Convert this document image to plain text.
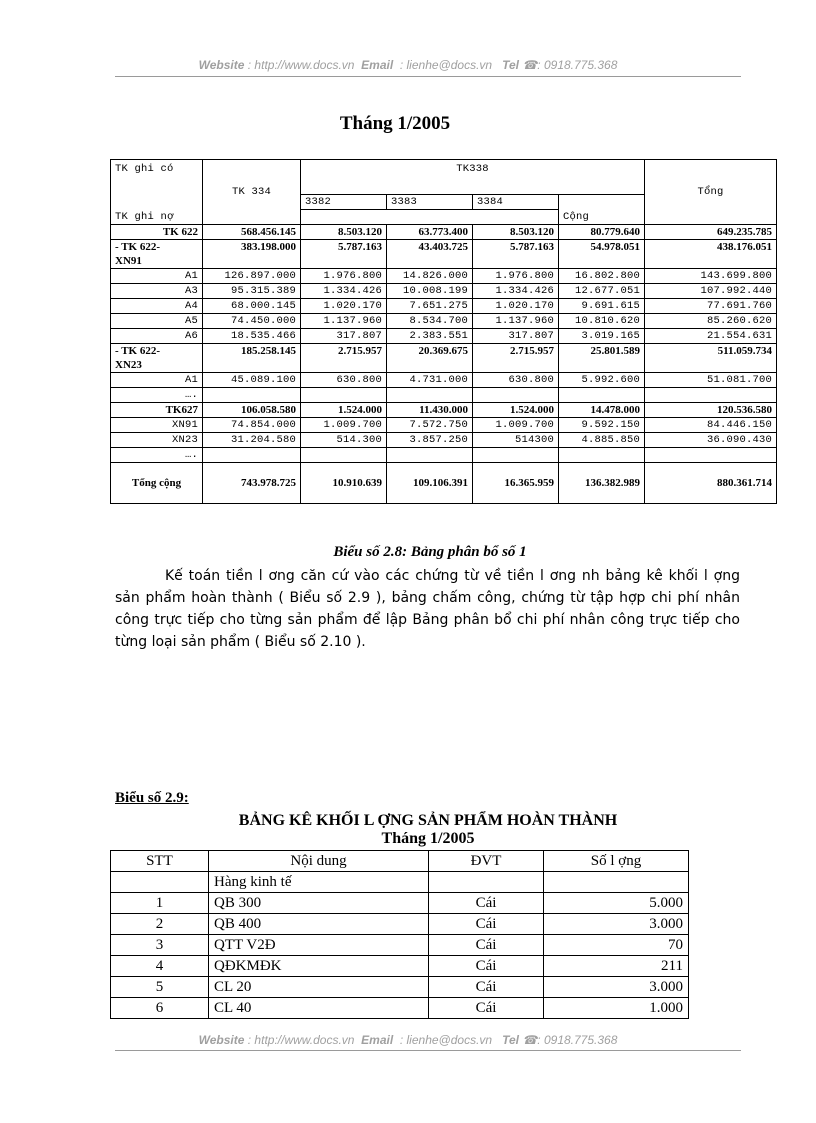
Website : http://www.docs.vn Email : lienhe@docs.vn Tel ☎: 0918.775.368
Tháng 1/2005
TK ghi có	TK 334	TK338				Tổng
		3382	3383	3384	Cộng	
TK ghi nợ						
TK 622	568.456.145	8.503.120	63.773.400	8.503.120	80.779.640	649.235.785

- TK 622-
XN91	383.198.000	5.787.163	43.403.725	5.787.163	54.978.051	438.176.051
A1	126.897.000	1.976.800	14.826.000	1.976.800	16.802.800	143.699.800
A3	95.315.389	1.334.426	10.008.199	1.334.426	12.677.051	107.992.440
A4	68.000.145	1.020.170	7.651.275	1.020.170	9.691.615	77.691.760
A5	74.450.000	1.137.960	8.534.700	1.137.960	10.810.620	85.260.620
A6	18.535.466	317.807	2.383.551	317.807	3.019.165	21.554.631

- TK 622-
XN23	185.258.145	2.715.957	20.369.675	2.715.957	25.801.589	511.059.734
A1	45.089.100	630.800	4.731.000	630.800	5.992.600	51.081.700
….						
TK627	106.058.580	1.524.000	11.430.000	1.524.000	14.478.000	120.536.580
XN91	74.854.000	1.009.700	7.572.750	1.009.700	9.592.150	84.446.150
XN23	31.204.580	514.300	3.857.250	514300	4.885.850	36.090.430
….						
Tổng cộng	743.978.725	10.910.639	109.106.391	16.365.959	136.382.989	880.361.714
Biểu số 2.8: Bảng phân bổ số 1
Kế toán tiền l ơng căn cứ vào các chứng từ về tiền l ơng nh bảng kê khối l ợng sản phẩm hoàn thành ( Biểu số 2.9 ), bảng chấm công, chứng từ tập hợp chi phí nhân công trực tiếp cho từng sản phẩm để lập Bảng phân bổ chi phí nhân công trực tiếp cho từng loại sản phẩm ( Biểu số 2.10 ).
Biểu số 2.9:
BẢNG KÊ KHỐI L ỢNG SẢN PHẨM HOÀN THÀNH
Tháng 1/2005
STT	Nội dung	ĐVT	Số l ợng
	Hàng kinh tế		
1	QB 300	Cái	5.000
2	QB 400	Cái	3.000
3	QTT V2Đ	Cái	70
4	QĐKMĐK	Cái	211
5	CL 20	Cái	3.000
6	CL 40	Cái	1.000
Website : http://www.docs.vn Email : lienhe@docs.vn Tel ☎: 0918.775.368
